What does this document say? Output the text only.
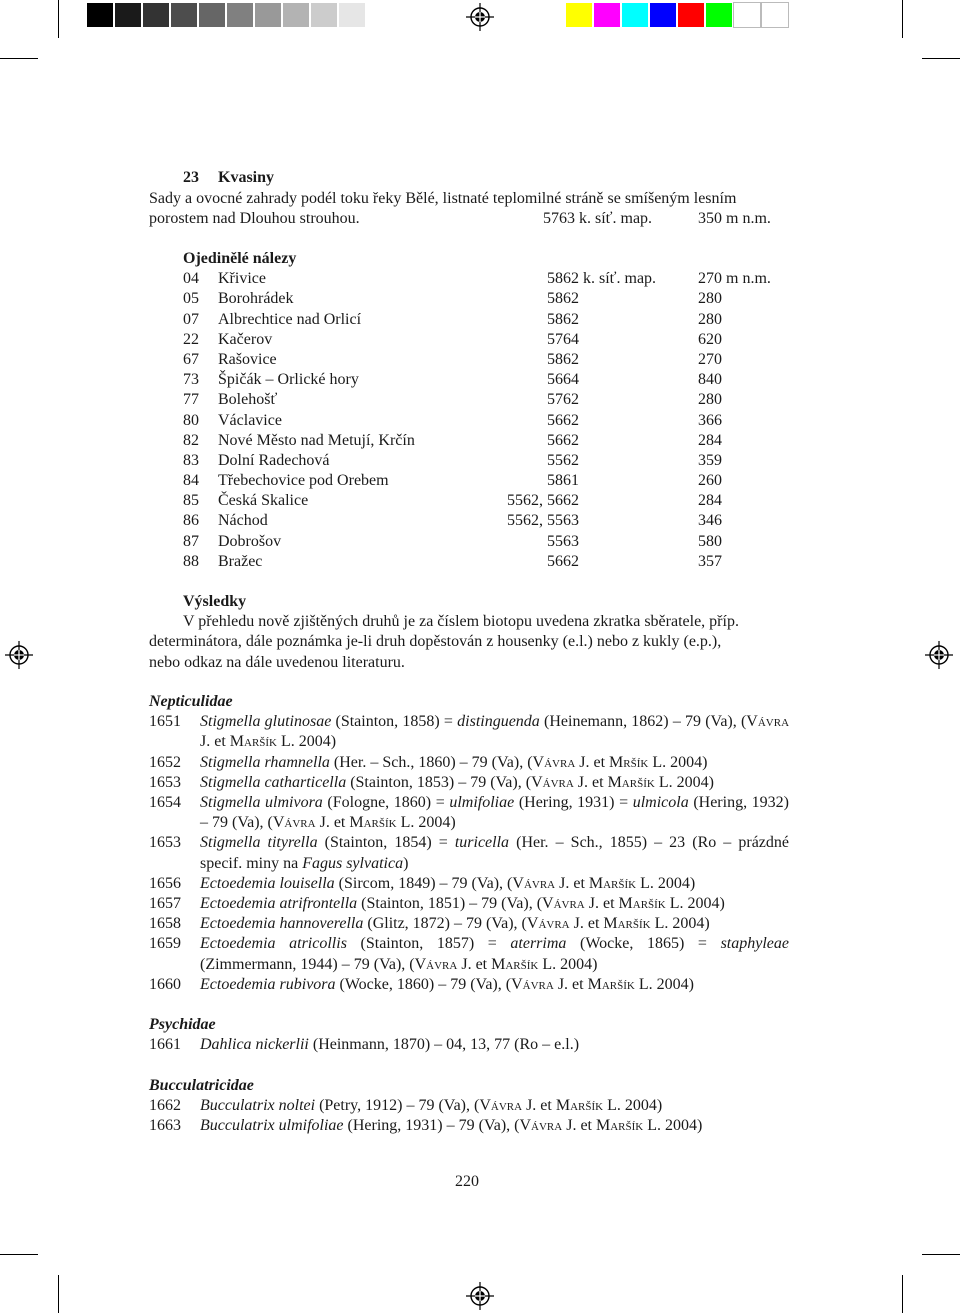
23 Kvasiny
Sady a ovocné zahrady podél toku řeky Bělé, listnaté teplomilné stráně se smíšeným lesním
porostem nad Dlouhou strouhou.	5763 k. síť. map.	350 m n.m.
Ojedinělé nálezy
04 Křivice	5862 k. síť. map.	270 m n.m.
05 Borohrádek	5862	280
07 Albrechtice nad Orlicí	5862	280
22 Kačerov	5764	620
67 Rašovice	5862	270
73 Špičák – Orlické hory	5664	840
77 Bolehošť	5762	280
80 Václavice	5662	366
82 Nové Město nad Metují, Krčín	5662	284
83 Dolní Radechová	5562	359
84 Třebechovice pod Orebem	5861	260
85 Česká Skalice	5562, 5662	284
86 Náchod	5562, 5563	346
87 Dobrošov	5563	580
88 Bražec	5662	357
Výsledky
V přehledu nově zjištěných druhů je za číslem biotopu uvedena zkratka sběratele, příp.
determinátora, dále poznámka je-li druh dopěstován z housenky (e.l.) nebo z kukly (e.p.),
nebo odkaz na dále uvedenou literaturu.
Nepticulidae
1651 Stigmella glutinosae (Stainton, 1858) = distinguenda (Heinemann, 1862) – 79 (Va), (Vávra J. et Maršík L. 2004)
1652 Stigmella rhamnella (Her. – Sch., 1860) – 79 (Va), (Vávra J. et Mršík L. 2004)
1653 Stigmella catharticella (Stainton, 1853) – 79 (Va), (Vávra J. et Maršík L. 2004)
1654 Stigmella ulmivora (Fologne, 1860) = ulmifoliae (Hering, 1931) = ulmicola (Hering, 1932) – 79 (Va), (Vávra J. et Maršík L. 2004)
1653 Stigmella tityrella (Stainton, 1854) = turicella (Her. – Sch., 1855) – 23 (Ro – prázdné specif. miny na Fagus sylvatica)
1656 Ectoedemia louisella (Sircom, 1849) – 79 (Va), (Vávra J. et Maršík L. 2004)
1657 Ectoedemia atrifrontella (Stainton, 1851) – 79 (Va), (Vávra J. et Maršík L. 2004)
1658 Ectoedemia hannoverella (Glitz, 1872) – 79 (Va), (Vávra J. et Maršík L. 2004)
1659 Ectoedemia atricollis (Stainton, 1857) = aterrima (Wocke, 1865) = staphyleae (Zimmermann, 1944) – 79 (Va), (Vávra J. et Maršík L. 2004)
1660 Ectoedemia rubivora (Wocke, 1860) – 79 (Va), (Vávra J. et Maršík L. 2004)
Psychidae
1661 Dahlica nickerlii (Heinmann, 1870) – 04, 13, 77 (Ro – e.l.)
Bucculatricidae
1662 Bucculatrix noltei (Petry, 1912) – 79 (Va), (Vávra J. et Maršík L. 2004)
1663 Bucculatrix ulmifoliae (Hering, 1931) – 79 (Va), (Vávra J. et Maršík L. 2004)
220
